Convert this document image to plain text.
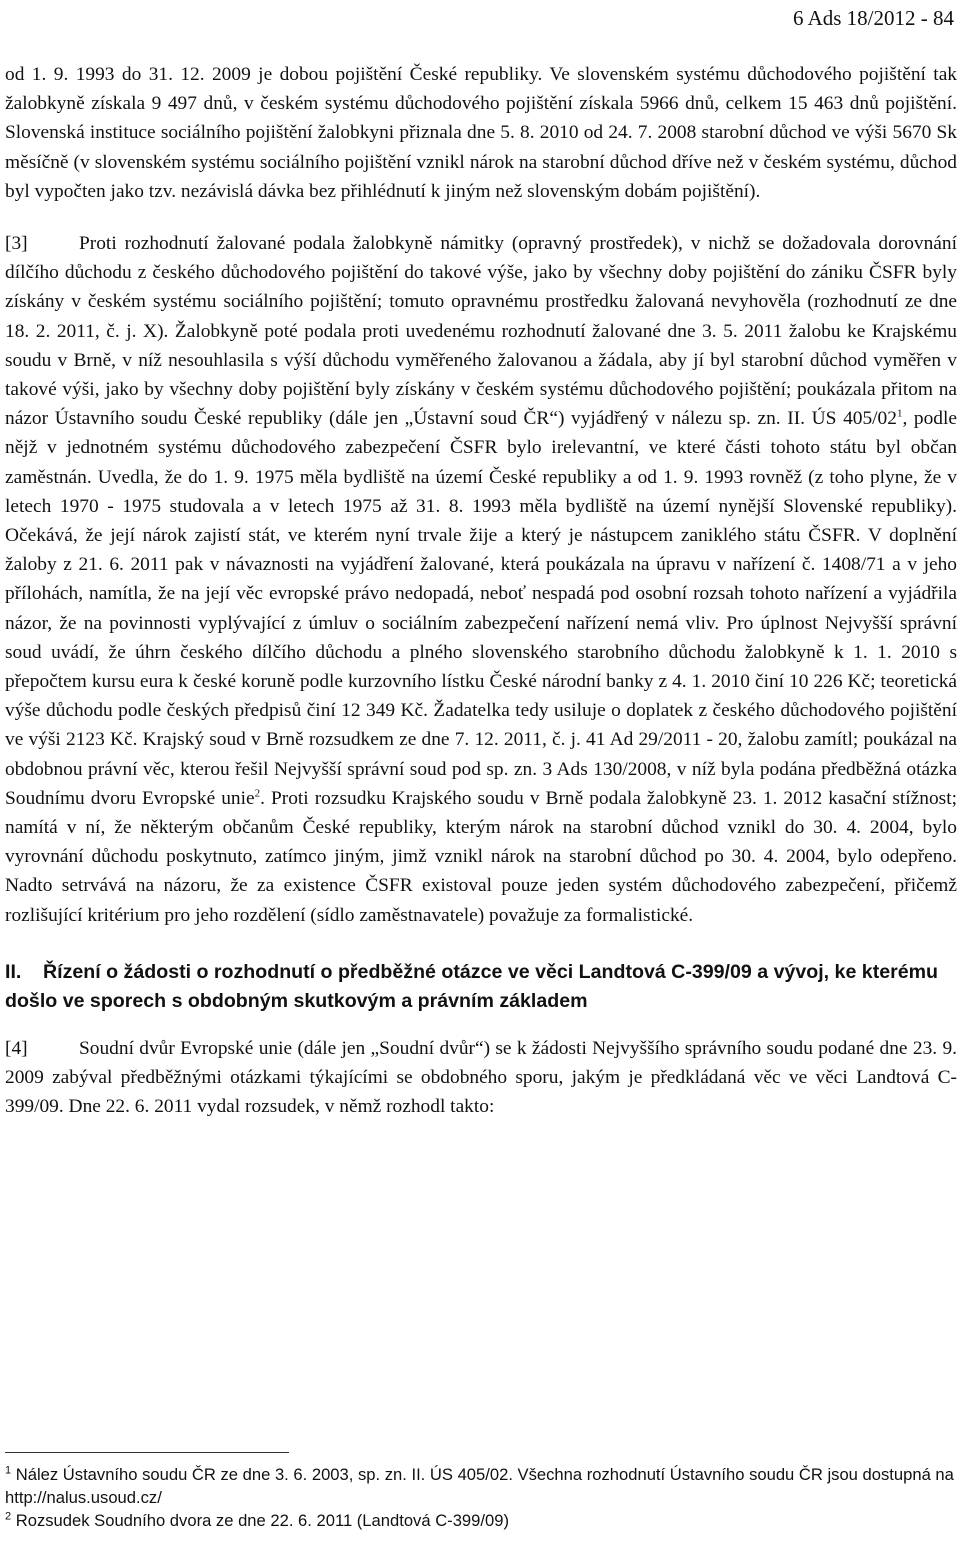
6 Ads 18/2012 - 84

od 1. 9. 1993 do 31. 12. 2009 je dobou pojištění České republiky. Ve slovenském systému důchodového pojištění tak žalobkyně získala 9 497 dnů, v českém systému důchodového pojištění získala 5966 dnů, celkem 15 463 dnů pojištění. Slovenská instituce sociálního pojištění žalobkyni přiznala dne 5. 8. 2010 od 24. 7. 2008 starobní důchod ve výši 5670 Sk měsíčně (v slovenském systému sociálního pojištění vznikl nárok na starobní důchod dříve než v českém systému, důchod byl vypočten jako tzv. nezávislá dávka bez přihlédnutí k jiným než slovenským dobám pojištění).

[3]	Proti rozhodnutí žalované podala žalobkyně námitky (opravný prostředek), v nichž se dožadovala dorovnání dílčího důchodu z českého důchodového pojištění do takové výše, jako by všechny doby pojištění do zániku ČSFR byly získány v českém systému sociálního pojištění; tomuto opravnému prostředku žalovaná nevyhověla (rozhodnutí ze dne 18. 2. 2011, č. j. X). Žalobkyně poté podala proti uvedenému rozhodnutí žalované dne 3. 5. 2011 žalobu ke Krajskému soudu v Brně, v níž nesouhlasila s výší důchodu vyměřeného žalovanou a žádala, aby jí byl starobní důchod vyměřen v takové výši, jako by všechny doby pojištění byly získány v českém systému důchodového pojištění; poukázala přitom na názor Ústavního soudu České republiky (dále jen „Ústavní soud ČR“) vyjádřený v nálezu sp. zn. II. ÚS $405/02^1$, podle nějž v jednotném systému důchodového zabezpečení ČSFR bylo irelevantní, ve které části tohoto státu byl občan zaměstnán. Uvedla, že do 1. 9. 1975 měla bydliště na území České republiky a od 1. 9. 1993 rovněž (z toho plyne, že v letech 1970 - 1975 studovala a v letech 1975 až 31. 8. 1993 měla bydliště na území nynější Slovenské republiky). Očekává, že její nárok zajistí stát, ve kterém nyní trvale žije a který je nástupcem zaniklého státu ČSFR. V doplnění žaloby z 21. 6. 2011 pak v návaznosti na vyjádření žalované, která poukázala na úpravu v nařízení č. 1408/71 a v jeho přílohách, namítla, že na její věc evropské právo nedopadá, neboť nespadá pod osobní rozsah tohoto nařízení a vyjádřila názor, že na povinnosti vyplývající z úmluv o sociálním zabezpečení nařízení nemá vliv. Pro úplnost Nejvyšší správní soud uvádí, že úhrn českého dílčího důchodu a plného slovenského starobního důchodu žalobkyně k 1. 1. 2010 s přepočtem kursu eura k české koruně podle kurzovního lístku České národní banky z 4. 1. 2010 činí 10 226 Kč; teoretická výše důchodu podle českých předpisů činí 12 349 Kč. Žadatelka tedy usiluje o doplatek z českého důchodového pojištění ve výši 2123 Kč. Krajský soud v Brně rozsudkem ze dne 7. 12. 2011, č. j. 41 Ad 29/2011 - 20, žalobu zamítl; poukázal na obdobnou právní věc, kterou řešil Nejvyšší správní soud pod sp. zn. 3 Ads 130/2008, v níž byla podána předběžná otázka Soudnímu dvoru Evropské unie$^2$. Proti rozsudku Krajského soudu v Brně podala žalobkyně 23. 1. 2012 kasační stížnost; namítá v ní, že některým občanům České republiky, kterým nárok na starobní důchod vznikl do 30. 4. 2004, bylo vyrovnání důchodu poskytnuto, zatímco jiným, jimž vznikl nárok na starobní důchod po 30. 4. 2004, bylo odepřeno. Nadto setrvává na názoru, že za existence ČSFR existoval pouze jeden systém důchodového zabezpečení, přičemž rozlišující kritérium pro jeho rozdělení (sídlo zaměstnavatele) považuje za formalistické.

II. Řízení o žádosti o rozhodnutí o předběžné otázce ve věci Landtová C-399/09 a vývoj, ke kterému došlo ve sporech s obdobným skutkovým a právním základem

[4]	Soudní dvůr Evropské unie (dále jen „Soudní dvůr“) se k žádosti Nejvyššího správního soudu podané dne 23. 9. 2009 zabýval předběžnými otázkami týkajícími se obdobného sporu, jakým je předkládaná věc ve věci Landtová C-399/09. Dne 22. 6. 2011 vydal rozsudek, v němž rozhodl takto:

$^1$ Nález Ústavního soudu ČR ze dne 3. 6. 2003, sp. zn. II. ÚS 405/02. Všechna rozhodnutí Ústavního soudu ČR jsou dostupná na http://nalus.usoud.cz/

$^2$ Rozsudek Soudního dvora ze dne 22. 6. 2011 (Landtová C-399/09)
